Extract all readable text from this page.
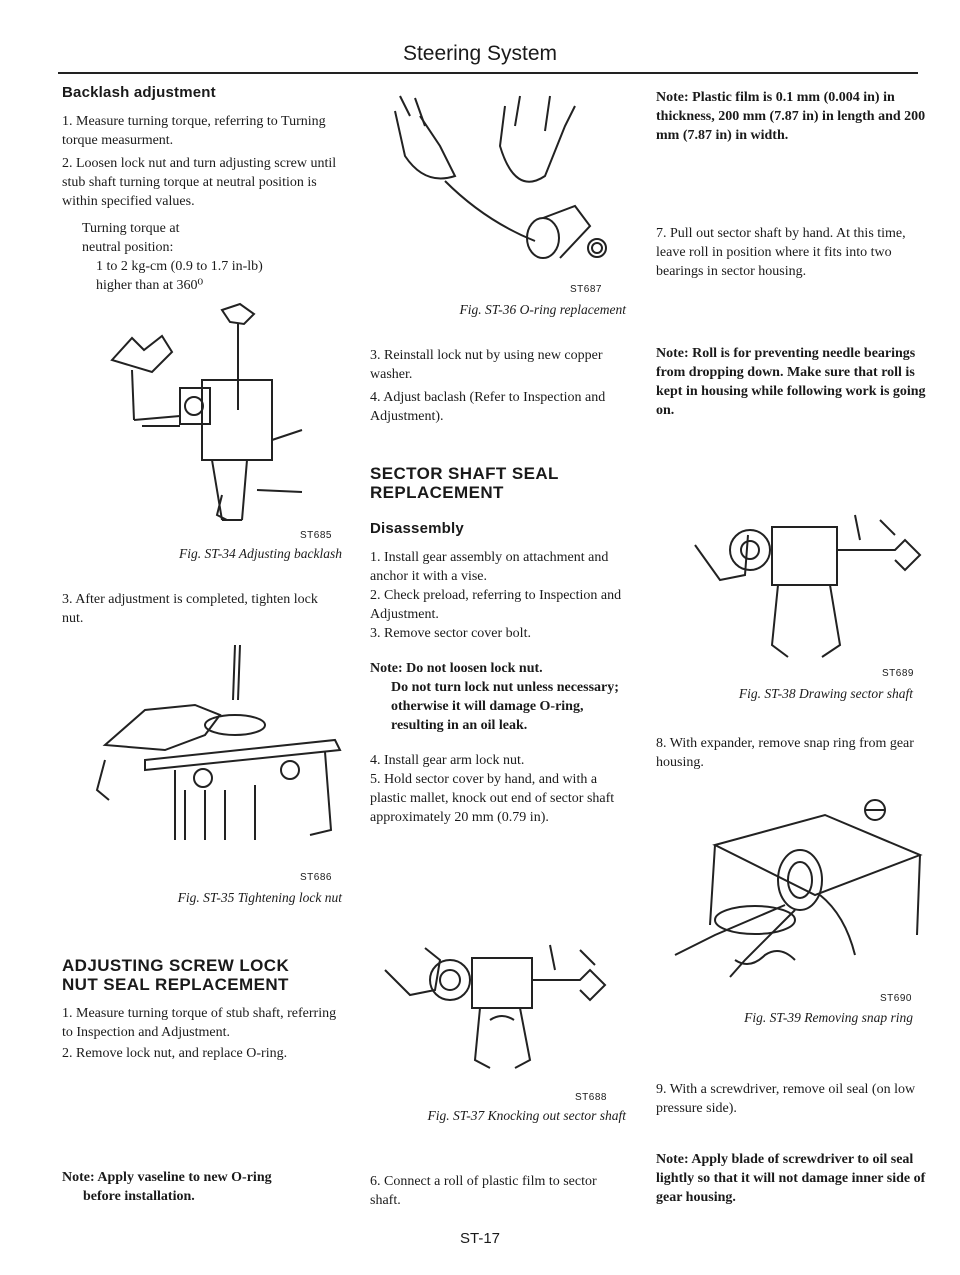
Steering System

Backlash adjustment

1. Measure turning torque, referring to Turning torque measurment.

2. Loosen lock nut and turn adjusting screw until stub shaft turning torque at neutral position is within specified values.

Turning torque at

neutral position:

1 to 2 kg-cm (0.9 to 1.7 in-lb)

higher than at 360⁰

ST685
Fig. ST-34 Adjusting backlash

3. After adjustment is completed, tighten lock nut.

ST686
Fig. ST-35 Tightening lock nut

ADJUSTING SCREW LOCK

NUT SEAL REPLACEMENT

1. Measure turning torque of stub shaft, referring to Inspection and Adjustment.

2. Remove lock nut, and replace O-ring.

Note: Apply vaseline to new O-ring

before installation.

ST687
Fig. ST-36 O-ring replacement

3. Reinstall lock nut by using new copper washer.

4. Adjust baclash (Refer to Inspection and Adjustment).

SECTOR SHAFT SEAL

REPLACEMENT

Disassembly

1. Install gear assembly on attachment and anchor it with a vise.

2. Check preload, referring to Inspection and Adjustment.

3. Remove sector cover bolt.

Note: Do not loosen lock nut.

Do not turn lock nut unless necessary; otherwise it will damage O-ring, resulting in an oil leak.

4. Install gear arm lock nut.

5. Hold sector cover by hand, and with a plastic mallet, knock out end of sector shaft approximately 20 mm (0.79 in).

ST688
Fig. ST-37 Knocking out sector shaft

6. Connect a roll of plastic film to sector shaft.

Note: Plastic film is 0.1 mm (0.004 in) in thickness, 200 mm (7.87 in) in length and 200 mm (7.87 in) in width.

7. Pull out sector shaft by hand. At this time, leave roll in position where it fits into two bearings in sector housing.

Note: Roll is for preventing needle bearings from dropping down. Make sure that roll is kept in housing while following work is going on.

ST689
Fig. ST-38 Drawing sector shaft

8. With expander, remove snap ring from gear housing.

ST690
Fig. ST-39 Removing snap ring

9. With a screwdriver, remove oil seal (on low pressure side).

Note: Apply blade of screwdriver to oil seal lightly so that it will not damage inner side of gear housing.

ST-17
